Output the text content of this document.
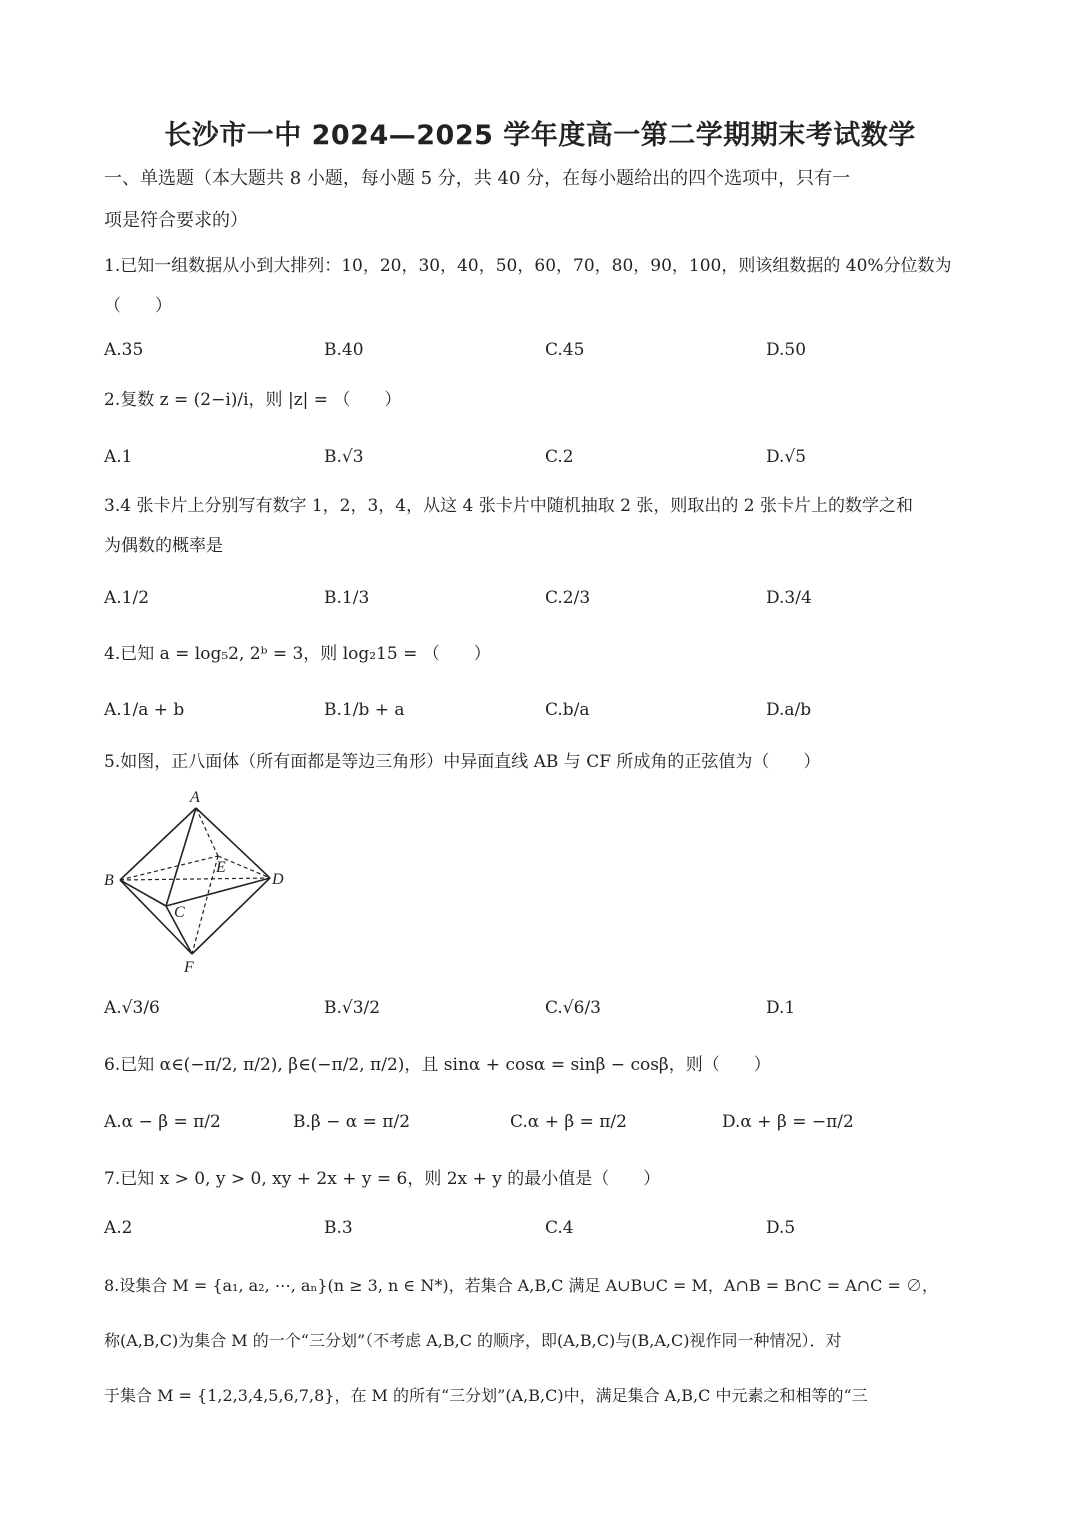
长沙市一中 2024—2025 学年度高一第二学期期末考试数学
一、单选题（本大题共 8 小题，每小题 5 分，共 40 分，在每小题给出的四个选项中，只有一
项是符合要求的）
1.已知一组数据从小到大排列：10，20，30，40，50，60，70，80，90，100，则该组数据的 40%分位数为
（　　）
A.35	B.40	C.45	D.50
2.复数 z = (2−i)/i，则 |z| = （　　）
A.1	B.√3	C.2	D.√5
3.4 张卡片上分别写有数字 1，2，3，4，从这 4 张卡片中随机抽取 2 张，则取出的 2 张卡片上的数学之和
为偶数的概率是
A.1/2	B.1/3	C.2/3	D.3/4
4.已知 a = log₅2, 2ᵇ = 3，则 log₂15 = （　　）
A.1/a + b	B.1/b + a	C.b/a	D.a/b
5.如图，正八面体（所有面都是等边三角形）中异面直线 AB 与 CF 所成角的正弦值为（　　）
A
B
C
D
E
F
A.√3/6	B.√3/2	C.√6/3	D.1
6.已知 α∈(−π/2, π/2), β∈(−π/2, π/2)，且 sinα + cosα = sinβ − cosβ，则（　　）
A.α − β = π/2	B.β − α = π/2	C.α + β = π/2	D.α + β = −π/2
7.已知 x > 0, y > 0, xy + 2x + y = 6，则 2x + y 的最小值是（　　）
A.2	B.3	C.4	D.5
8.设集合 M = {a₁, a₂, ⋯, aₙ}(n ≥ 3, n ∈ N*)，若集合 A,B,C 满足 A∪B∪C = M，A∩B = B∩C = A∩C = ∅，
称(A,B,C)为集合 M 的一个“三分划”（不考虑 A,B,C 的顺序，即(A,B,C)与(B,A,C)视作同一种情况）．对
于集合 M = {1,2,3,4,5,6,7,8}，在 M 的所有“三分划”(A,B,C)中，满足集合 A,B,C 中元素之和相等的“三
